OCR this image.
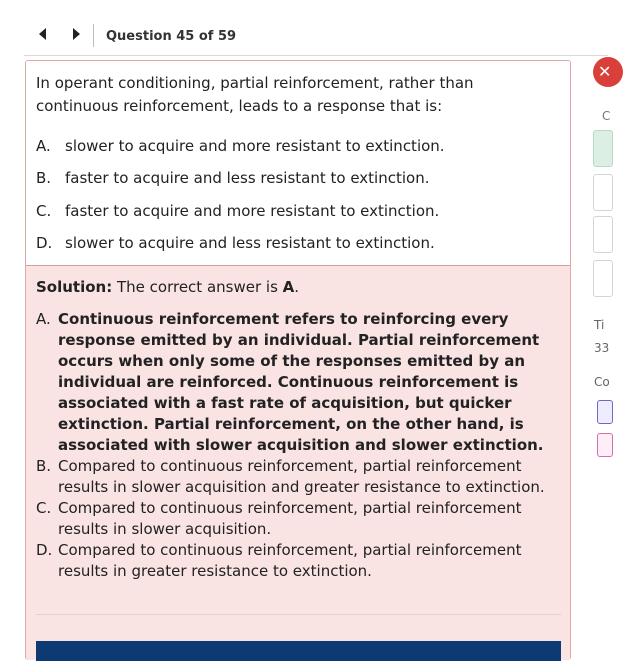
Question 45 of 59
In operant conditioning, partial reinforcement, rather than continuous reinforcement, leads to a response that is:
A. slower to acquire and more resistant to extinction.
B. faster to acquire and less resistant to extinction.
C. faster to acquire and more resistant to extinction.
D. slower to acquire and less resistant to extinction.
Solution: The correct answer is A.
A. Continuous reinforcement refers to reinforcing every response emitted by an individual. Partial reinforcement occurs when only some of the responses emitted by an individual are reinforced. Continuous reinforcement is associated with a fast rate of acquisition, but quicker extinction. Partial reinforcement, on the other hand, is associated with slower acquisition and slower extinction.
B. Compared to continuous reinforcement, partial reinforcement results in slower acquisition and greater resistance to extinction.
C. Compared to continuous reinforcement, partial reinforcement results in slower acquisition.
D. Compared to continuous reinforcement, partial reinforcement results in greater resistance to extinction.
✕
C
Ti
33
Co
